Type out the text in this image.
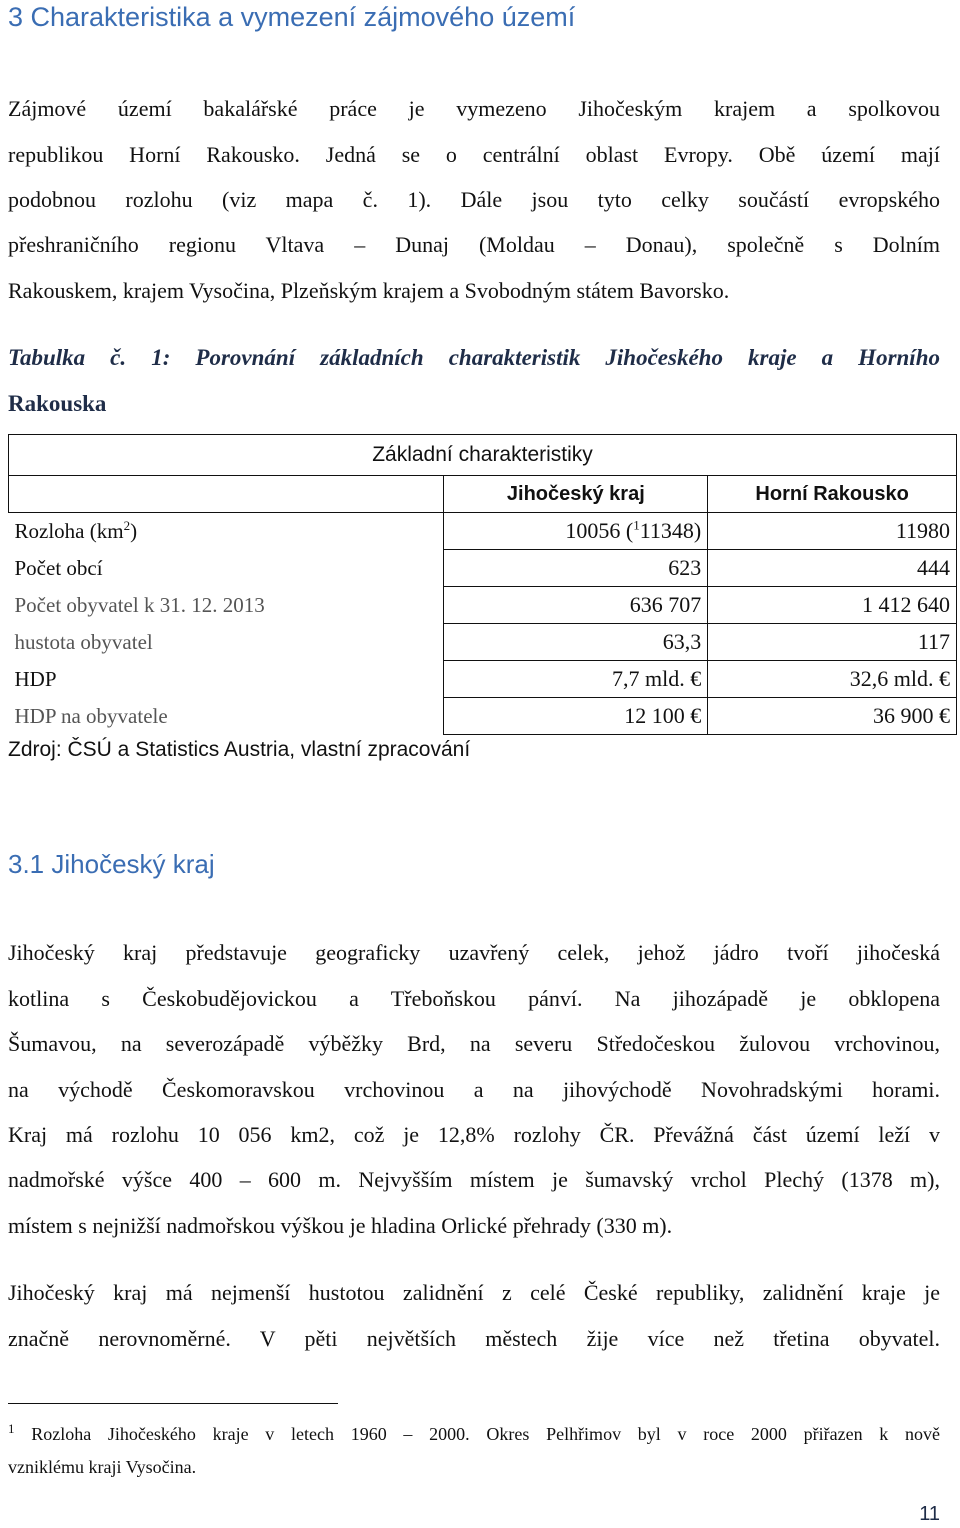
3 Charakteristika a vymezení zájmového území
Zájmové území bakalářské práce je vymezeno Jihočeským krajem a spolkovou
republikou Horní Rakousko. Jedná se o centrální oblast Evropy. Obě území mají
podobnou rozlohu (viz mapa č. 1). Dále jsou tyto celky součástí evropského
přeshraničního regionu Vltava – Dunaj (Moldau – Donau), společně s Dolním
Rakouskem, krajem Vysočina, Plzeňským krajem a Svobodným státem Bavorsko.
Tabulka č. 1: Porovnání základních charakteristik Jihočeského kraje a Horního
Rakouska
Základní charakteristiky		
	Jihočeský kraj	Horní Rakousko
Rozloha $(km^2)$	10056 ($^1$11348)	11980
Počet obcí	623	444
Počet obyvatel k 31. 12. 2013	636 707	1 412 640
hustota obyvatel	63,3	117
HDP	7,7 mld. €	32,6 mld. €
HDP na obyvatele	12 100 €	36 900 €
Zdroj: ČSÚ a Statistics Austria, vlastní zpracování
3.1 Jihočeský kraj
Jihočeský kraj představuje geograficky uzavřený celek, jehož jádro tvoří jihočeská
kotlina s Českobudějovickou a Třeboňskou pánví. Na jihozápadě je obklopena
Šumavou, na severozápadě výběžky Brd, na severu Středočeskou žulovou vrchovinou,
na východě Českomoravskou vrchovinou a na jihovýchodě Novohradskými horami.
Kraj má rozlohu 10 056 km2, což je 12,8% rozlohy ČR. Převážná část území leží v
nadmořské výšce 400 – 600 m. Nejvyšším místem je šumavský vrchol Plechý (1378 m),
místem s nejnižší nadmořskou výškou je hladina Orlické přehrady (330 m).
Jihočeský kraj má nejmenší hustotou zalidnění z celé České republiky, zalidnění kraje je
značně nerovnoměrné. V pěti největších městech žije více než třetina obyvatel.
$^1$ Rozloha Jihočeského kraje v letech 1960 – 2000. Okres Pelhřimov byl v roce 2000 přiřazen k nově
vzniklému kraji Vysočina.
11
